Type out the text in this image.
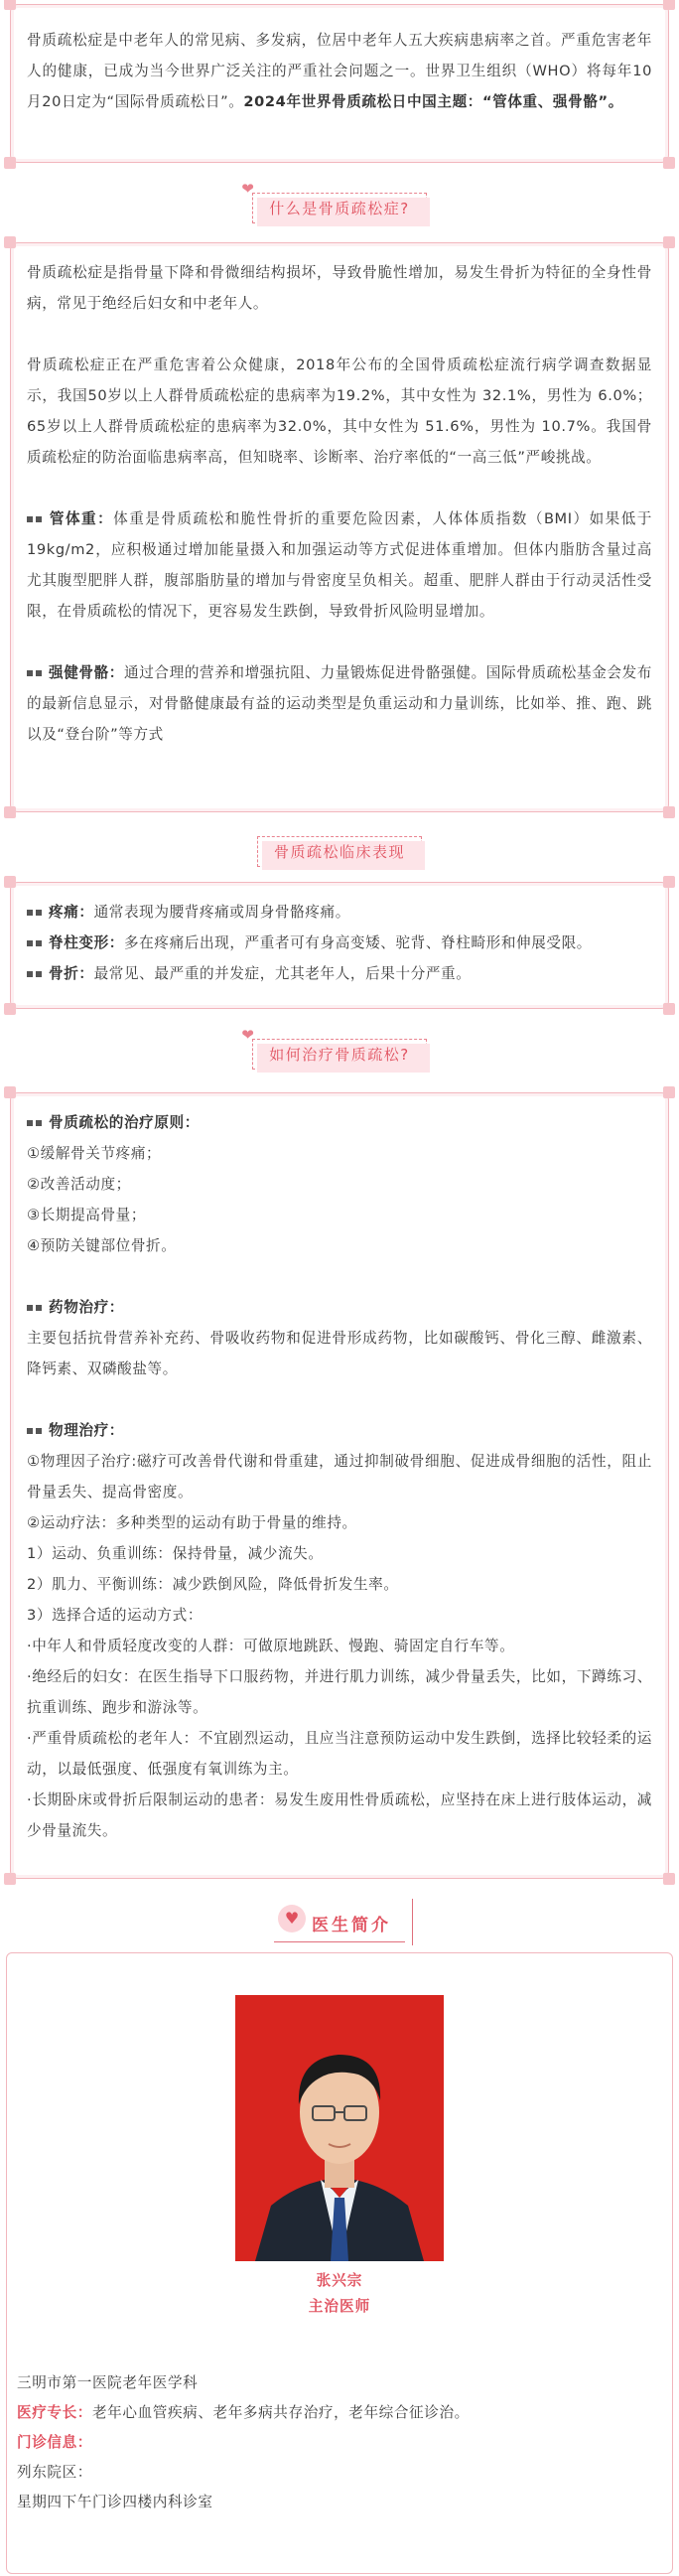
骨质疏松症是中老年人的常见病、多发病，位居中老年人五大疾病患病率之首。严重危害老年人的健康，已成为当今世界广泛关注的严重社会问题之一。世界卫生组织（WHO）将每年10月20日定为“国际骨质疏松日”。2024年世界骨质疏松日中国主题：“管体重、强骨骼”。
❤
什么是骨质疏松症?

骨质疏松症是指骨量下降和骨微细结构损坏，导致骨脆性增加，易发生骨折为特征的全身性骨病，常见于绝经后妇女和中老年人。

骨质疏松症正在严重危害着公众健康，2018年公布的全国骨质疏松症流行病学调查数据显示，我国50岁以上人群骨质疏松症的患病率为19.2%，其中女性为 32.1%，男性为 6.0%；65岁以上人群骨质疏松症的患病率为32.0%，其中女性为 51.6%，男性为 10.7%。我国骨质疏松症的防治面临患病率高，但知晓率、诊断率、治疗率低的“一高三低”严峻挑战。

管体重：体重是骨质疏松和脆性骨折的重要危险因素，人体体质指数（BMI）如果低于19kg/m2，应积极通过增加能量摄入和加强运动等方式促进体重增加。但体内脂肪含量过高尤其腹型肥胖人群，腹部脂肪量的增加与骨密度呈负相关。超重、肥胖人群由于行动灵活性受限，在骨质疏松的情况下，更容易发生跌倒，导致骨折风险明显增加。

强健骨骼：通过合理的营养和增强抗阻、力量锻炼促进骨骼强健。国际骨质疏松基金会发布的最新信息显示，对骨骼健康最有益的运动类型是负重运动和力量训练，比如举、推、跑、跳以及“登台阶”等方式

骨质疏松临床表现

疼痛：通常表现为腰背疼痛或周身骨骼疼痛。

脊柱变形：多在疼痛后出现，严重者可有身高变矮、驼背、脊柱畸形和伸展受限。

骨折：最常见、最严重的并发症，尤其老年人，后果十分严重。

❤
如何治疗骨质疏松?

骨质疏松的治疗原则：

①缓解骨关节疼痛；

②改善活动度；

③长期提高骨量；

④预防关键部位骨折。

药物治疗：

主要包括抗骨营养补充药、骨吸收药物和促进骨形成药物，比如碳酸钙、骨化三醇、雌激素、降钙素、双磷酸盐等。

物理治疗：

①物理因子治疗:磁疗可改善骨代谢和骨重建，通过抑制破骨细胞、促进成骨细胞的活性，阻止骨量丢失、提高骨密度。

②运动疗法：多种类型的运动有助于骨量的维持。

1）运动、负重训练：保持骨量，减少流失。

2）肌力、平衡训练：减少跌倒风险，降低骨折发生率。

3）选择合适的运动方式：

·中年人和骨质轻度改变的人群：可做原地跳跃、慢跑、骑固定自行车等。

·绝经后的妇女：在医生指导下口服药物，并进行肌力训练，减少骨量丢失，比如，下蹲练习、抗重训练、跑步和游泳等。

·严重骨质疏松的老年人：不宜剧烈运动，且应当注意预防运动中发生跌倒，选择比较轻柔的运动，以最低强度、低强度有氧训练为主。

·长期卧床或骨折后限制运动的患者：易发生废用性骨质疏松，应坚持在床上进行肢体运动，减少骨量流失。

♥ 医生简介
张兴宗
主治医师

三明市第一医院老年医学科

医疗专长：老年心血管疾病、老年多病共存治疗，老年综合征诊治。

门诊信息：

列东院区：

星期四下午门诊四楼内科诊室
